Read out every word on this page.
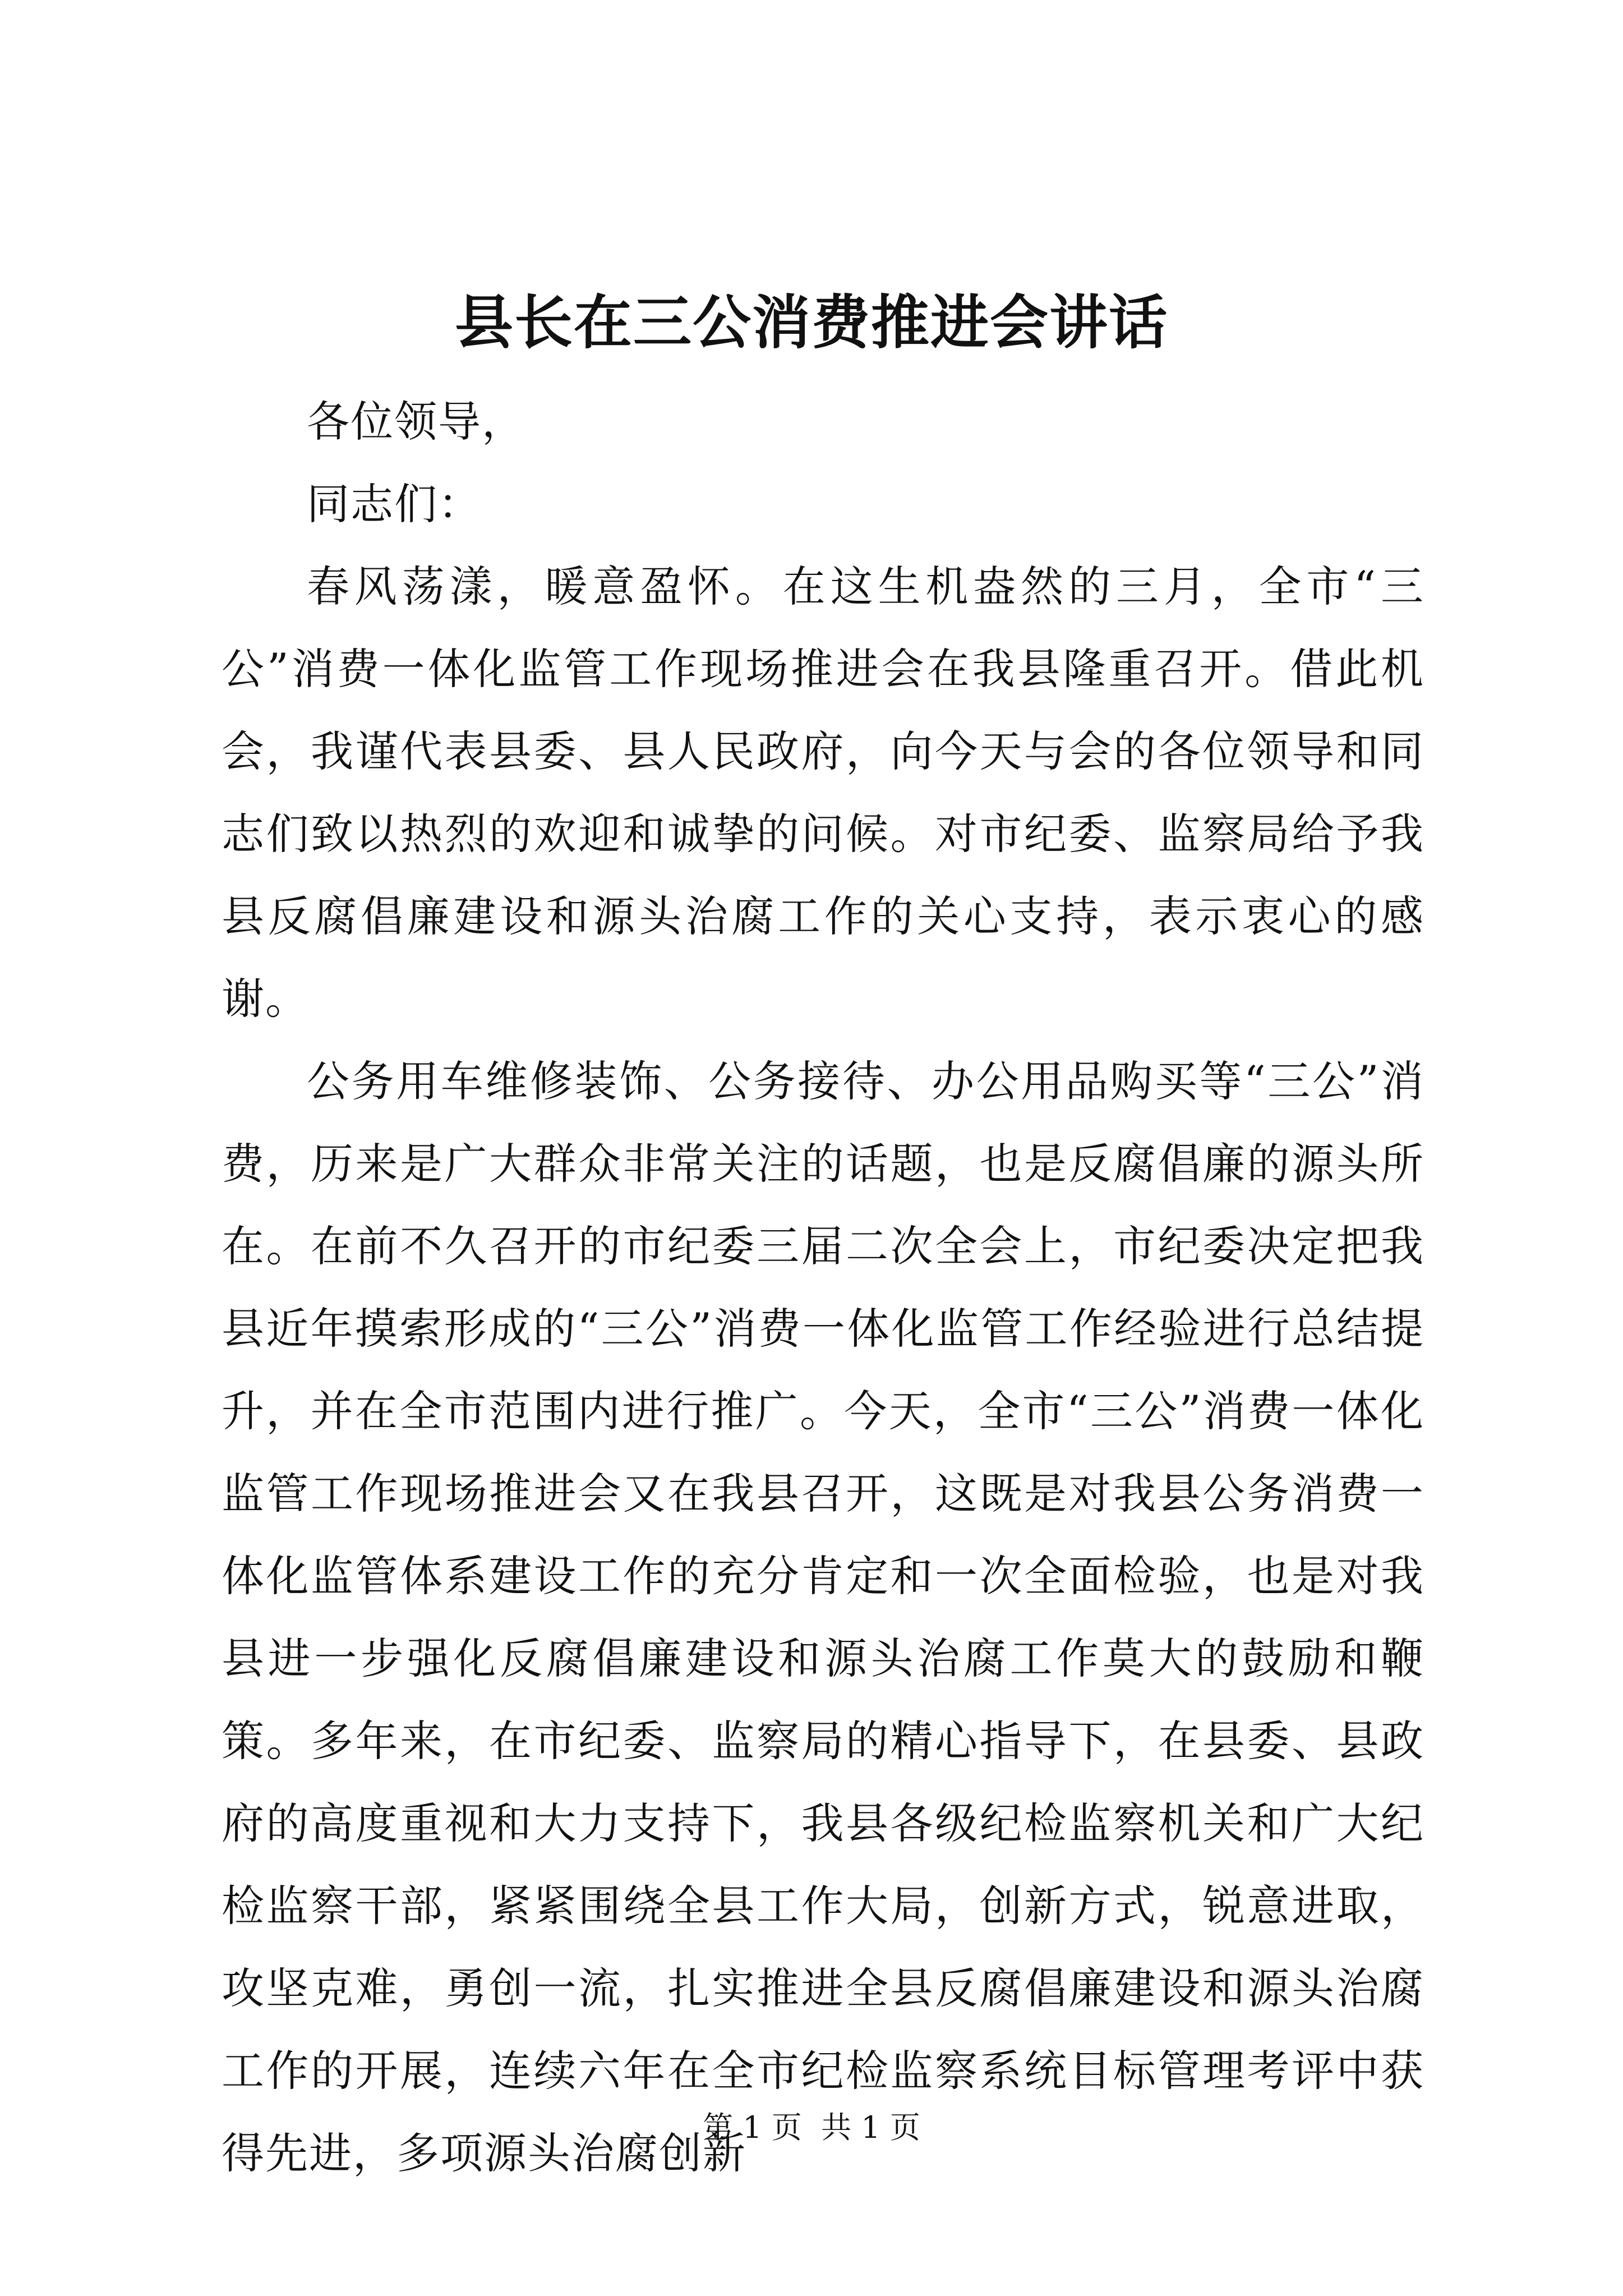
县长在三公消费推进会讲话

各位领导，

同志们：

春风荡漾，暖意盈怀。在这生机盎然的三月，全市“三公”消费一体化监管工作现场推进会在我县隆重召开。借此机会，我谨代表县委、县人民政府，向今天与会的各位领导和同志们致以热烈的欢迎和诚挚的问候。对市纪委、监察局给予我县反腐倡廉建设和源头治腐工作的关心支持，表示衷心的感谢。

公务用车维修装饰、公务接待、办公用品购买等“三公”消费，历来是广大群众非常关注的话题，也是反腐倡廉的源头所在。在前不久召开的市纪委三届二次全会上，市纪委决定把我县近年摸索形成的“三公”消费一体化监管工作经验进行总结提升，并在全市范围内进行推广。今天，全市“三公”消费一体化监管工作现场推进会又在我县召开，这既是对我县公务消费一体化监管体系建设工作的充分肯定和一次全面检验，也是对我县进一步强化反腐倡廉建设和源头治腐工作莫大的鼓励和鞭策。多年来，在市纪委、监察局的精心指导下，在县委、县政府的高度重视和大力支持下，我县各级纪检监察机关和广大纪检监察干部，紧紧围绕全县工作大局，创新方式，锐意进取，攻坚克难，勇创一流，扎实推进全县反腐倡廉建设和源头治腐工作的开展，连续六年在全市纪检监察系统目标管理考评中获得先进，多项源头治腐创新

第 1 页  共 1 页
